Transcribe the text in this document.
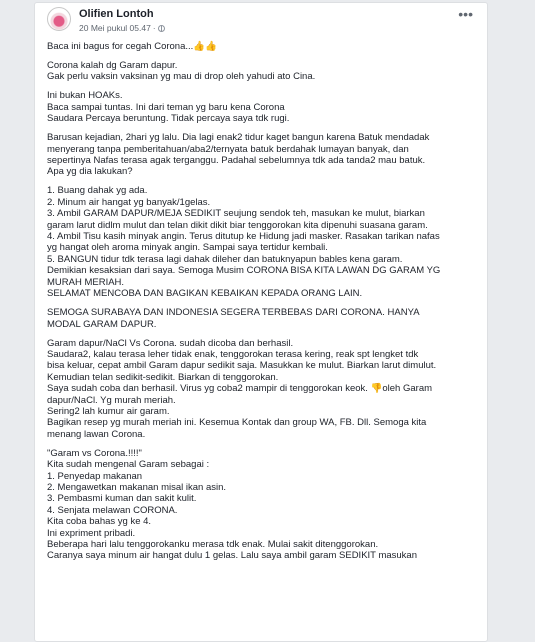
Olifien Lontoh
20 Mei pukul 05.47 ·
•••
Baca ini bagus for cegah Corona...👍👍
Corona kalah dg Garam dapur.
Gak perlu vaksin vaksinan yg mau di drop oleh yahudi ato Cina.
Ini bukan HOAKs.
Baca sampai tuntas. Ini dari teman yg baru kena Corona
Saudara Percaya beruntung. Tidak percaya saya tdk rugi.
Barusan kejadian, 2hari yg lalu. Dia lagi enak2 tidur kaget bangun karena Batuk mendadak
menyerang tanpa pemberitahuan/aba2/ternyata batuk berdahak lumayan banyak, dan
sepertinya Nafas terasa agak terganggu. Padahal sebelumnya tdk ada tanda2 mau batuk.
Apa yg dia lakukan?
1. Buang dahak yg ada.
2. Minum air hangat yg banyak/1gelas.
3. Ambil GARAM DAPUR/MEJA SEDIKIT seujung sendok teh, masukan ke mulut, biarkan
garam larut didlm mulut dan telan dikit dikit biar tenggorokan kita dipenuhi suasana garam.
4. Ambil Tisu kasih minyak angin. Terus ditutup ke Hidung jadi masker. Rasakan tarikan nafas
yg hangat oleh aroma minyak angin. Sampai saya tertidur kembali.
5. BANGUN tidur tdk terasa lagi dahak dileher dan batuknyapun bables kena garam.
Demikian kesaksian dari saya. Semoga Musim CORONA BISA KITA LAWAN DG GARAM YG
MURAH MERIAH.
SELAMAT MENCOBA DAN BAGIKAN KEBAIKAN KEPADA ORANG LAIN.
SEMOGA SURABAYA DAN INDONESIA SEGERA TERBEBAS DARI CORONA. HANYA
MODAL GARAM DAPUR.
Garam dapur/NaCl Vs Corona. sudah dicoba dan berhasil.
Saudara2, kalau terasa leher tidak enak, tenggorokan terasa kering, reak spt lengket tdk
bisa keluar, cepat ambil Garam dapur sedikit saja. Masukkan ke mulut. Biarkan larut dimulut.
Kemudian telan sedikit-sedikit. Biarkan di tenggorokan.
Saya sudah coba dan berhasil. Virus yg coba2 mampir di tenggorokan keok. 👎oleh Garam
dapur/NaCl. Yg murah meriah.
Sering2 lah kumur air garam.
Bagikan resep yg murah meriah ini. Kesemua Kontak dan group WA, FB. Dll. Semoga kita
menang lawan Corona.
"Garam vs Corona.!!!!"
Kita sudah mengenal Garam sebagai :
1. Penyedap makanan
2. Mengawetkan makanan misal ikan asin.
3. Pembasmi kuman dan sakit kulit.
4. Senjata melawan CORONA.
Kita coba bahas yg ke 4.
Ini expriment pribadi.
Beberapa hari lalu tenggorokanku merasa tdk enak. Mulai sakit ditenggorokan.
Caranya saya minum air hangat dulu 1 gelas. Lalu saya ambil garam SEDIKIT masukan
